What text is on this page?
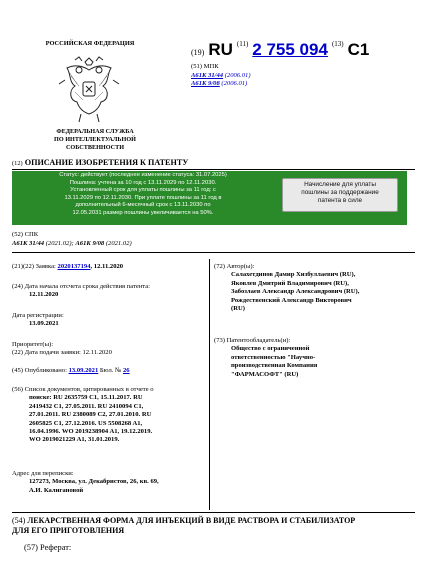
РОССИЙСКАЯ ФЕДЕРАЦИЯ
ФЕДЕРАЛЬНАЯ СЛУЖБА
ПО ИНТЕЛЛЕКТУАЛЬНОЙ СОБСТВЕННОСТИ
(19) RU $^{(11)}$ 2 755 094 $^{(13)}$ C1
(51) МПК
A61K 31/44 (2006.01)
A61K 9/08 (2006.01)
(12) ОПИСАНИЕ ИЗОБРЕТЕНИЯ К ПАТЕНТУ
Статус: действует (последнее изменение статуса: 31.07.2025)
Пошлина: учтена за 10 год с 13.11.2029 по 12.11.2030.
Установленный срок для уплаты пошлины за 11 год: с
13.11.2029 по 12.11.2030. При уплате пошлины за 11 год в
дополнительный 6-месячный срок с 13.11.2030 по
12.05.2031 размер пошлины увеличивается на 50%.
Начисление для уплаты
пошлины за поддержание
патента в силе
(52) СПК
A61K 31/44 (2021.02); A61K 9/08 (2021.02)
(21)(22) Заявка: 2020137194, 12.11.2020
(24) Дата начала отсчета срока действия патента:
12.11.2020
Дата регистрации:
13.09.2021
Приоритет(ы):
(22) Дата подачи заявки: 12.11.2020
(45) Опубликовано: 13.09.2021 Бюл. № 26
(56) Список документов, цитированных в отчете о
поиске: RU 2635759 C1, 15.11.2017. RU
2419432 C1, 27.05.2011. RU 2410094 C1,
27.01.2011. RU 2380089 C2, 27.01.2010. RU
2605825 C1, 27.12.2016. US 5508268 A1,
16.04.1996. WO 2019238904 A1, 19.12.2019.
WO 2019021229 A1, 31.01.2019.
Адрес для переписки:
127273, Москва, ул. Декабристов, 26, кв. 69,
А.И. Калигановой
(72) Автор(ы):
Салахетдинов Дамир Хизбуллаевич (RU),
Яковлев Дмитрий Владимирович (RU),
Забозлаев Александр Александрович (RU),
Рождественский Александр Викторович
(RU)
(73) Патентообладатель(и):
Общество с ограниченной
ответственностью "Научно-
производственная Компания
"ФАРМАСОФТ" (RU)
(54) ЛЕКАРСТВЕННАЯ ФОРМА ДЛЯ ИНЪЕКЦИЙ В ВИДЕ РАСТВОРА И СТАБИЛИЗАТОР
ДЛЯ ЕГО ПРИГОТОВЛЕНИЯ
(57) Реферат:
